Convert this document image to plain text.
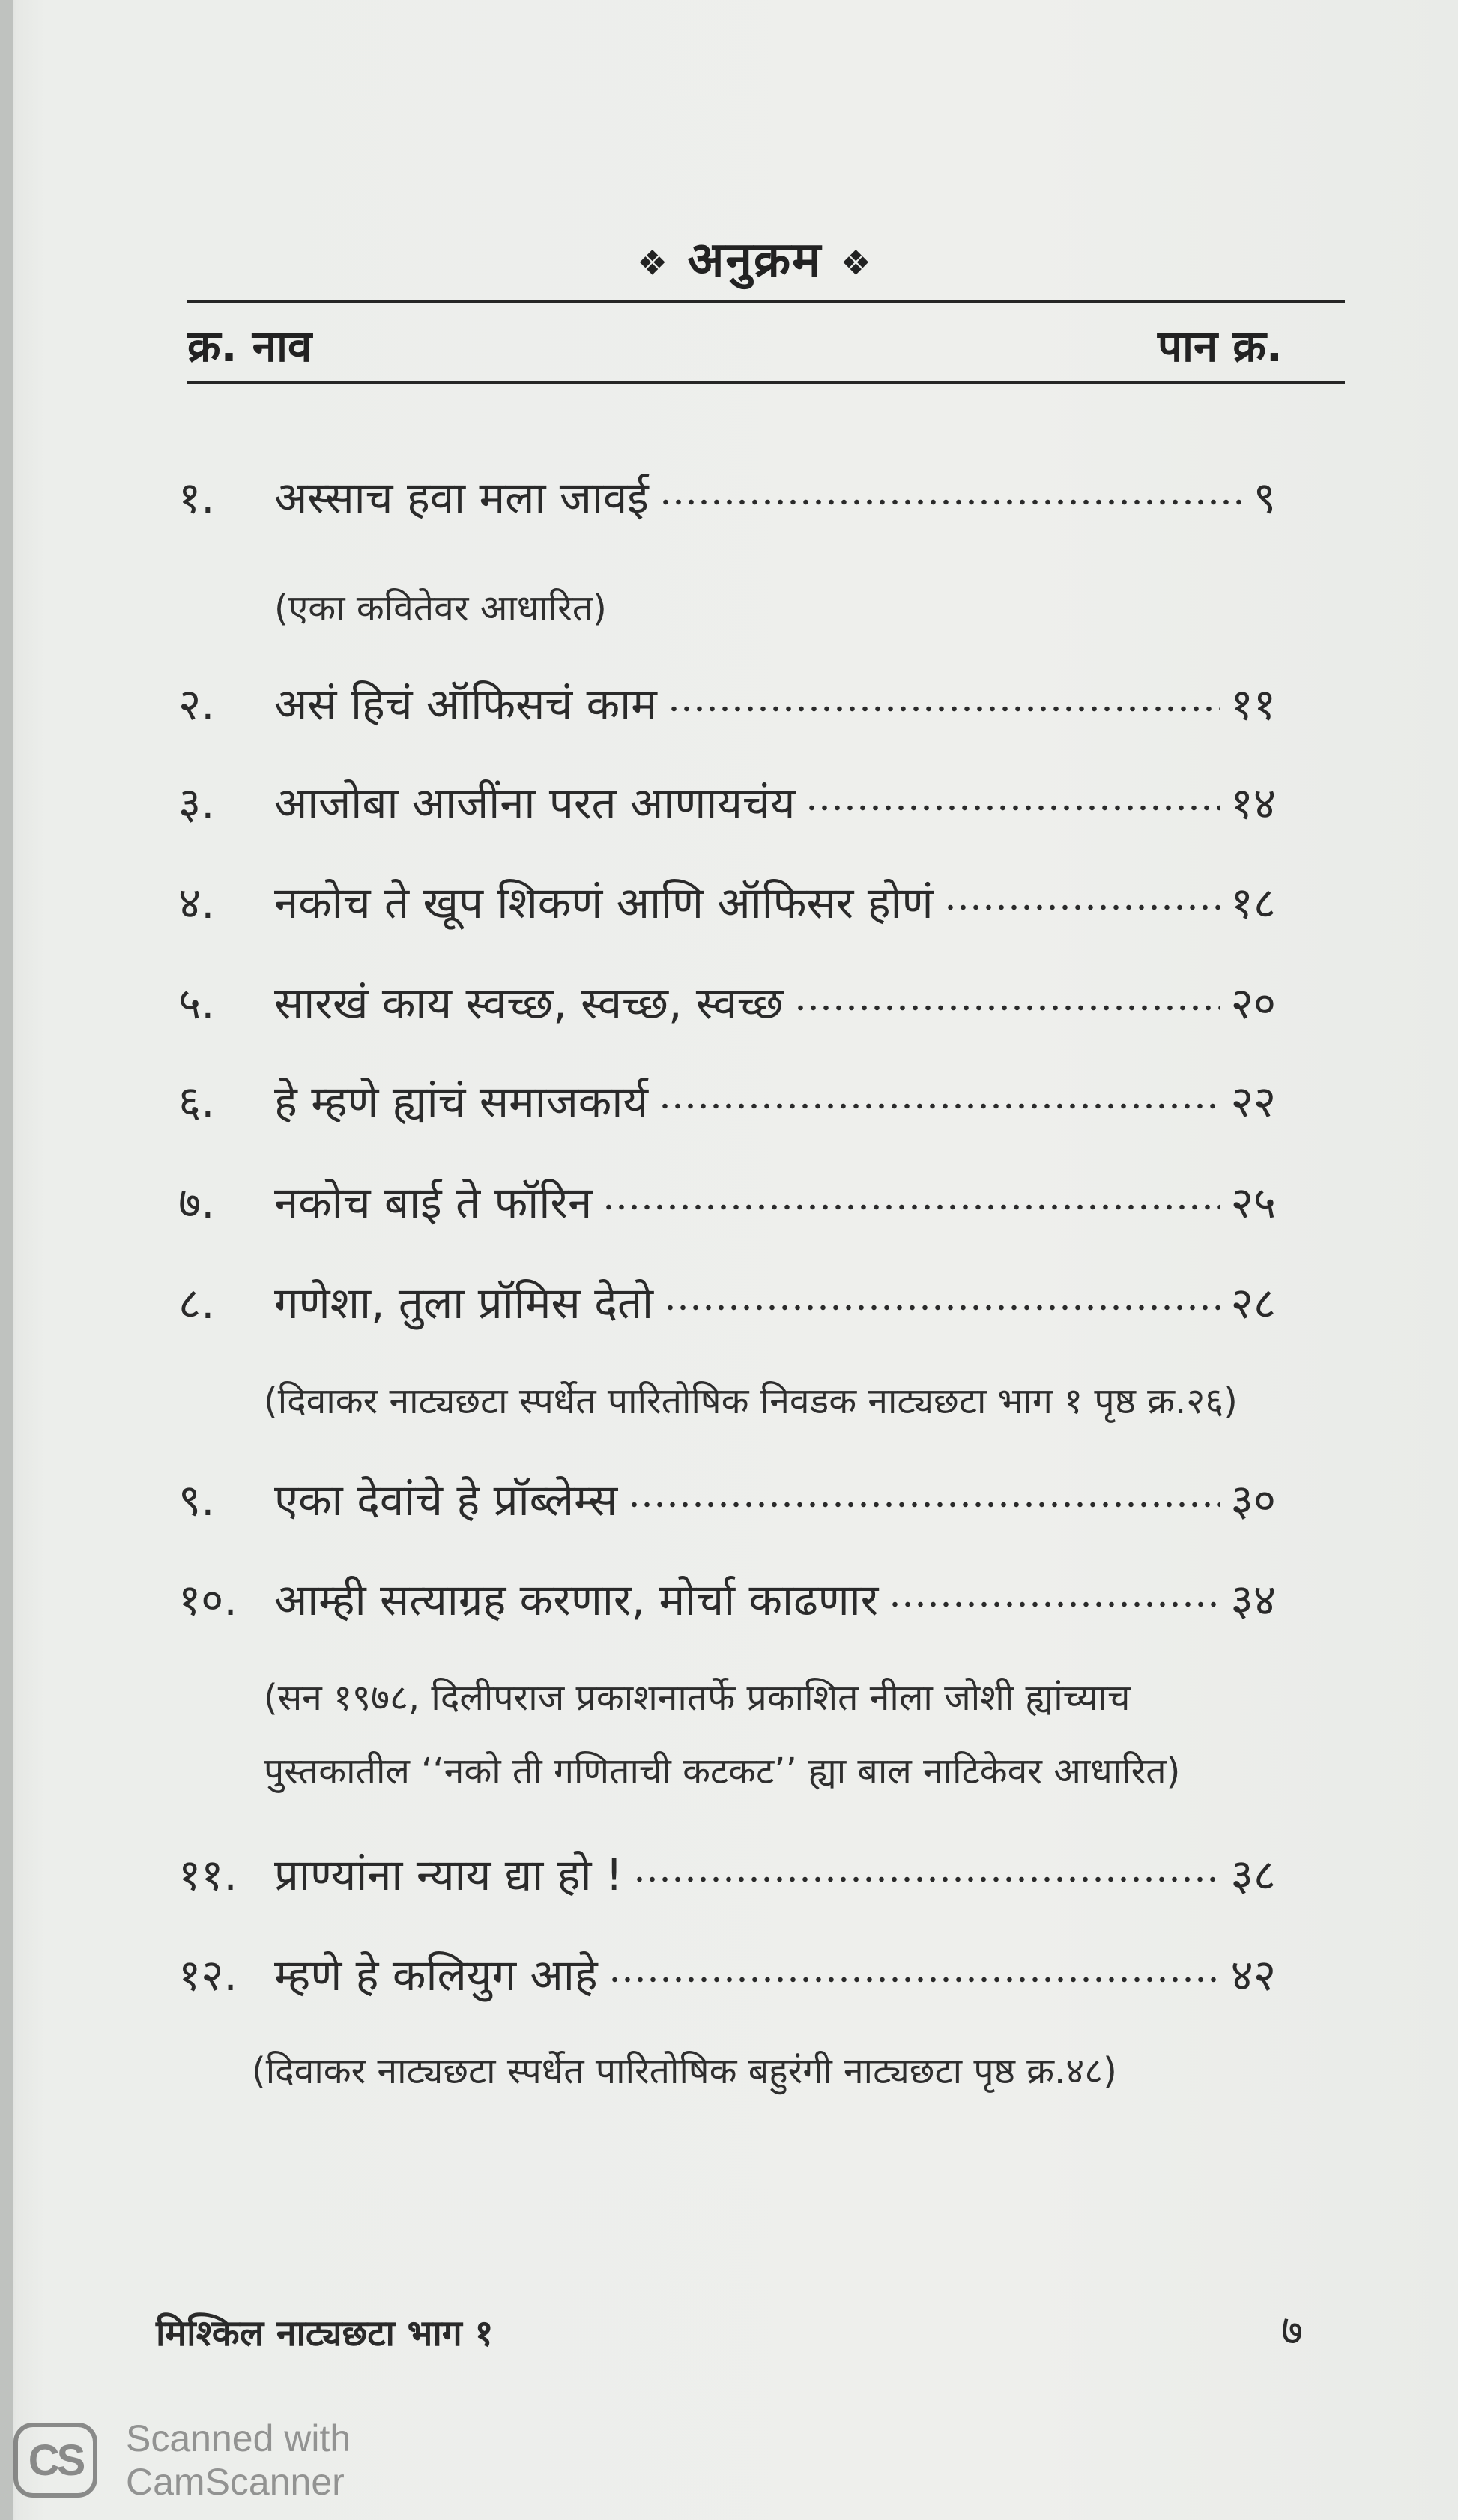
❖ अनुक्रम ❖
क्र. नाव	पान क्र.
१. अस्साच हवा मला जावई	९
(एका कवितेवर आधारित)
२. असं हिचं ऑफिसचं काम	११
३. आजोबा आजींना परत आणायचंय	१४
४. नकोच ते खूप शिकणं आणि ऑफिसर होणं	१८
५. सारखं काय स्वच्छ, स्वच्छ, स्वच्छ	२०
६. हे म्हणे ह्यांचं समाजकार्य	२२
७. नकोच बाई ते फॉरिन	२५
८. गणेशा, तुला प्रॉमिस देतो	२८
(दिवाकर नाट्यछटा स्पर्धेत पारितोषिक निवडक नाट्यछटा भाग १ पृष्ठ क्र.२६)
९. एका देवांचे हे प्रॉब्लेम्स	३०
१०. आम्ही सत्याग्रह करणार, मोर्चा काढणार	३४
(सन १९७८, दिलीपराज प्रकाशनातर्फे प्रकाशित नीला जोशी ह्यांच्याच
पुस्तकातील ‘‘नको ती गणिताची कटकट’’ ह्या बाल नाटिकेवर आधारित)
११. प्राण्यांना न्याय द्या हो !	३८
१२. म्हणे हे कलियुग आहे	४२
(दिवाकर नाट्यछटा स्पर्धेत पारितोषिक बहुरंगी नाट्यछटा पृष्ठ क्र.४८)
मिश्किल नाट्यछटा भाग १	७
CS	Scanned with
CamScanner
